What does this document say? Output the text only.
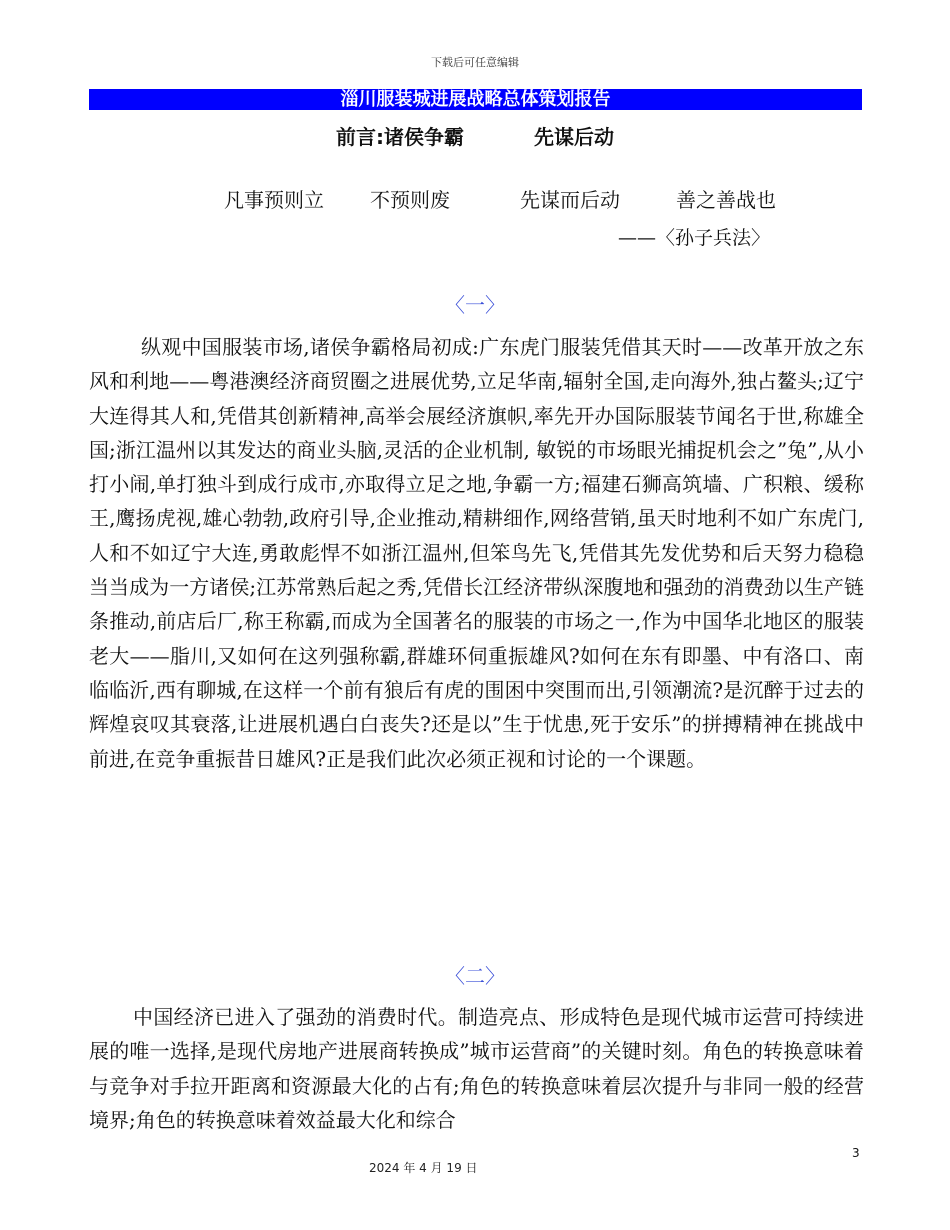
下载后可任意编辑
淄川服装城进展战略总体策划报告
前言:诸侯争霸	先谋后动
凡事预则立 不预则废	先谋而后动	善之善战也
——〈孙子兵法〉
〈一〉
纵观中国服装市场,诸侯争霸格局初成:广东虎门服装凭借其天时——改革开放之东风和利地——粤港澳经济商贸圈之进展优势,立足华南,辐射全国,走向海外,独占鳌头;辽宁大连得其人和,凭借其创新精神,高举会展经济旗帜,率先开办国际服装节闻名于世,称雄全国;浙江温州以其发达的商业头脑,灵活的企业机制, 敏锐的市场眼光捕捉机会之”兔”,从小打小闹,单打独斗到成行成市,亦取得立足之地,争霸一方;福建石狮高筑墙、广积粮、缓称王,鹰扬虎视,雄心勃勃,政府引导,企业推动,精耕细作,网络营销,虽天时地利不如广东虎门,人和不如辽宁大连,勇敢彪悍不如浙江温州,但笨鸟先飞,凭借其先发优势和后天努力稳稳当当成为一方诸侯;江苏常熟后起之秀,凭借长江经济带纵深腹地和强劲的消费劲以生产链条推动,前店后厂,称王称霸,而成为全国著名的服装的市场之一,作为中国华北地区的服装老大——脂川,又如何在这列强称霸,群雄环伺重振雄风?如何在东有即墨、中有洛口、南临临沂,西有聊城,在这样一个前有狼后有虎的围困中突围而出,引领潮流?是沉醉于过去的辉煌哀叹其衰落,让进展机遇白白丧失?还是以”生于忧患,死于安乐”的拼搏精神在挑战中前进,在竞争重振昔日雄风?正是我们此次必须正视和讨论的一个课题。
〈二〉
中国经济已进入了强劲的消费时代。制造亮点、形成特色是现代城市运营可持续进展的唯一选择,是现代房地产进展商转换成”城市运营商”的关键时刻。角色的转换意味着与竞争对手拉开距离和资源最大化的占有;角色的转换意味着层次提升与非同一般的经营境界;角色的转换意味着效益最大化和综合
3
2024 年 4 月 19 日
